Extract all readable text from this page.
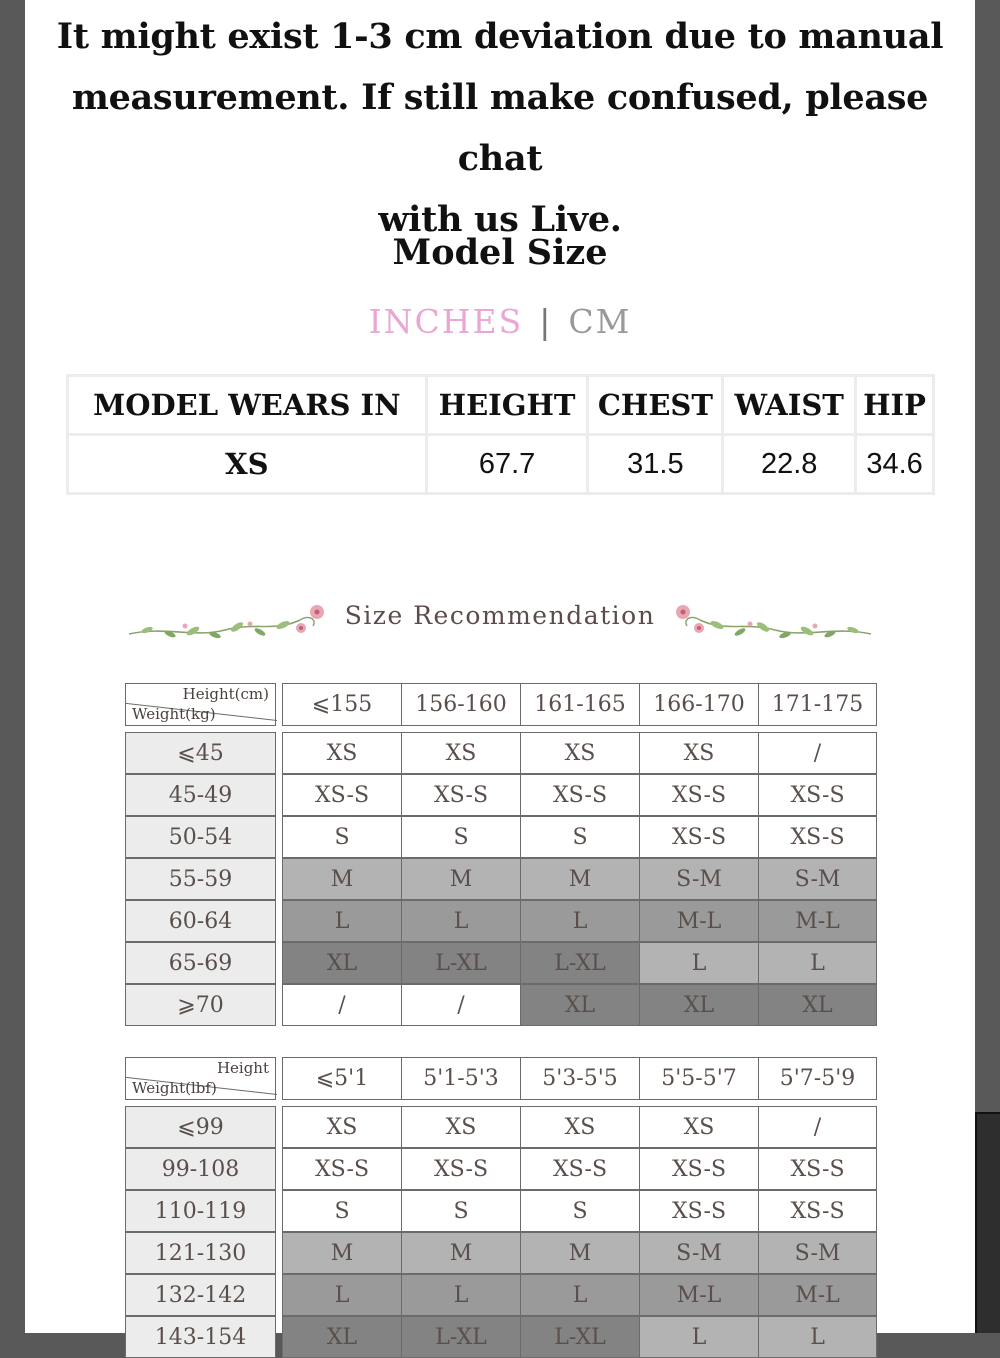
It might exist 1-3 cm deviation due to manual
measurement. If still make confused, please chat
with us Live.
Model Size
INCHES | CM
MODEL WEARS IN	HEIGHT	CHEST	WAIST	HIP
XS	67.7	31.5	22.8	34.6
Size Recommendation
Height(cm)
Weight(kg)	⩽155	156-160	161-165	166-170	171-175
⩽45	XS	XS	XS	XS	/
45-49	XS-S	XS-S	XS-S	XS-S	XS-S
50-54	S	S	S	XS-S	XS-S
55-59	M	M	M	S-M	S-M
60-64	L	L	L	M-L	M-L
65-69	XL	L-XL	L-XL	L	L
⩾70	/	/	XL	XL	XL
Height
Weight(lbf)	⩽5'1	5'1-5'3	5'3-5'5	5'5-5'7	5'7-5'9
⩽99	XS	XS	XS	XS	/
99-108	XS-S	XS-S	XS-S	XS-S	XS-S
110-119	S	S	S	XS-S	XS-S
121-130	M	M	M	S-M	S-M
132-142	L	L	L	M-L	M-L
143-154	XL	L-XL	L-XL	L	L
